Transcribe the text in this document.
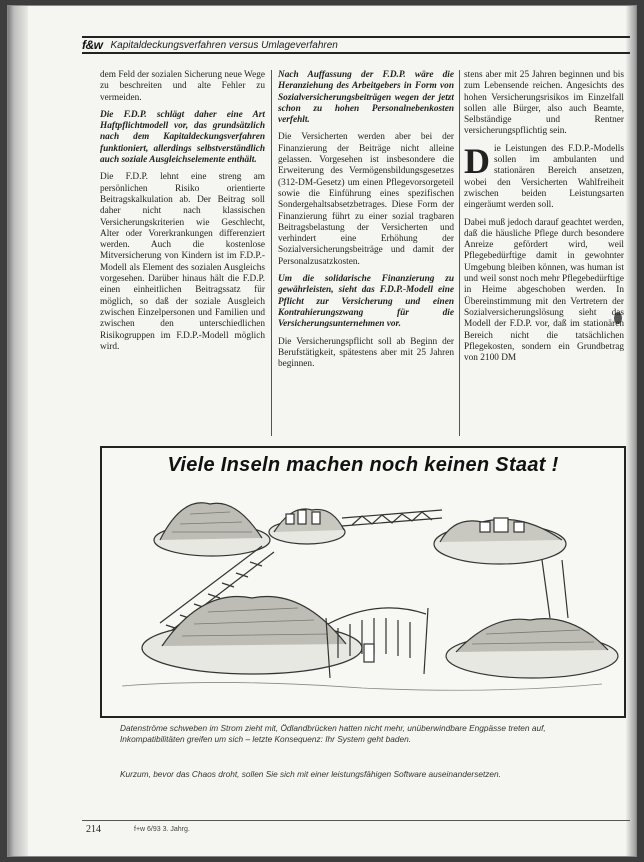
f&w Kapitaldeckungsverfahren versus Umlageverfahren

dem Feld der sozialen Sicherung neue Wege zu beschreiten und alte Fehler zu vermeiden.

Die F.D.P. schlägt daher eine Art Haftpflichtmodell vor, das grundsätzlich nach dem Kapitaldeckungsverfahren funktioniert, allerdings selbstverständlich auch soziale Ausgleichselemente enthält.

Die F.D.P. lehnt eine streng am persönlichen Risiko orientierte Beitragskalkulation ab. Der Beitrag soll daher nicht nach klassischen Versicherungskriterien wie Geschlecht, Alter oder Vorerkrankungen differenziert werden. Auch die kostenlose Mitversicherung von Kindern ist im F.D.P.-Modell als Element des sozialen Ausgleichs vorgesehen. Darüber hinaus hält die F.D.P. einen einheitlichen Beitragssatz für möglich, so daß der soziale Ausgleich zwischen Einzelpersonen und Familien und zwischen den unterschiedlichen Risikogruppen im F.D.P.-Modell möglich wird.

Nach Auffassung der F.D.P. wäre die Heranziehung des Arbeitgebers in Form von Sozialversicherungsbeiträgen wegen der jetzt schon zu hohen Personalnebenkosten verfehlt.

Die Versicherten werden aber bei der Finanzierung der Beiträge nicht alleine gelassen. Vorgesehen ist insbesondere die Erweiterung des Vermögensbildungsgesetzes (312-DM-Gesetz) um einen Pflegevorsorgeteil sowie die Einführung eines spezifischen Sondergehaltsabsetzbetrages. Diese Form der Finanzierung führt zu einer sozial tragbaren Beitragsbelastung der Versicherten und verhindert eine Erhöhung der Sozialversicherungsbeiträge und damit der Personalzusatzkosten.

Um die solidarische Finanzierung zu gewährleisten, sieht das F.D.P.-Modell eine Pflicht zur Versicherung und einen Kontrahierungszwang für die Versicherungsunternehmen vor.

Die Versicherungspflicht soll ab Beginn der Berufstätigkeit, spätestens aber mit 25 Jahren beginnen.

stens aber mit 25 Jahren beginnen und bis zum Lebensende reichen. Angesichts des hohen Versicherungsrisikos im Einzelfall sollen alle Bürger, also auch Beamte, Selbständige und Rentner versicherungspflichtig sein.

Die Leistungen des F.D.P.-Modells sollen im ambulanten und stationären Bereich ansetzen, wobei den Versicherten Wahlfreiheit zwischen beiden Leistungsarten eingeräumt werden soll.

Dabei muß jedoch darauf geachtet werden, daß die häusliche Pflege durch besondere Anreize gefördert wird, weil Pflegebedürftige damit in gewohnter Umgebung bleiben können, was human ist und weil sonst noch mehr Pflegebedürftige in Heime abgeschoben werden. In Übereinstimmung mit den Vertretern der Sozialversicherungslösung sieht das Modell der F.D.P. vor, daß im stationären Bereich nicht die tatsächlichen Pflegekosten, sondern ein Grundbetrag von 2100 DM

Viele Inseln machen noch keinen Staat !
Datenströme schweben im Strom zieht mit, Ödlandbrücken hatten nicht mehr, unüberwindbare Engpässe treten auf, Inkompatibilitäten greifen um sich – letzte Konsequenz: Ihr System geht baden.
Kurzum, bevor das Chaos droht, sollen Sie sich mit einer leistungsfähigen Software auseinandersetzen.
214	f+w 6/93 3. Jahrg.
